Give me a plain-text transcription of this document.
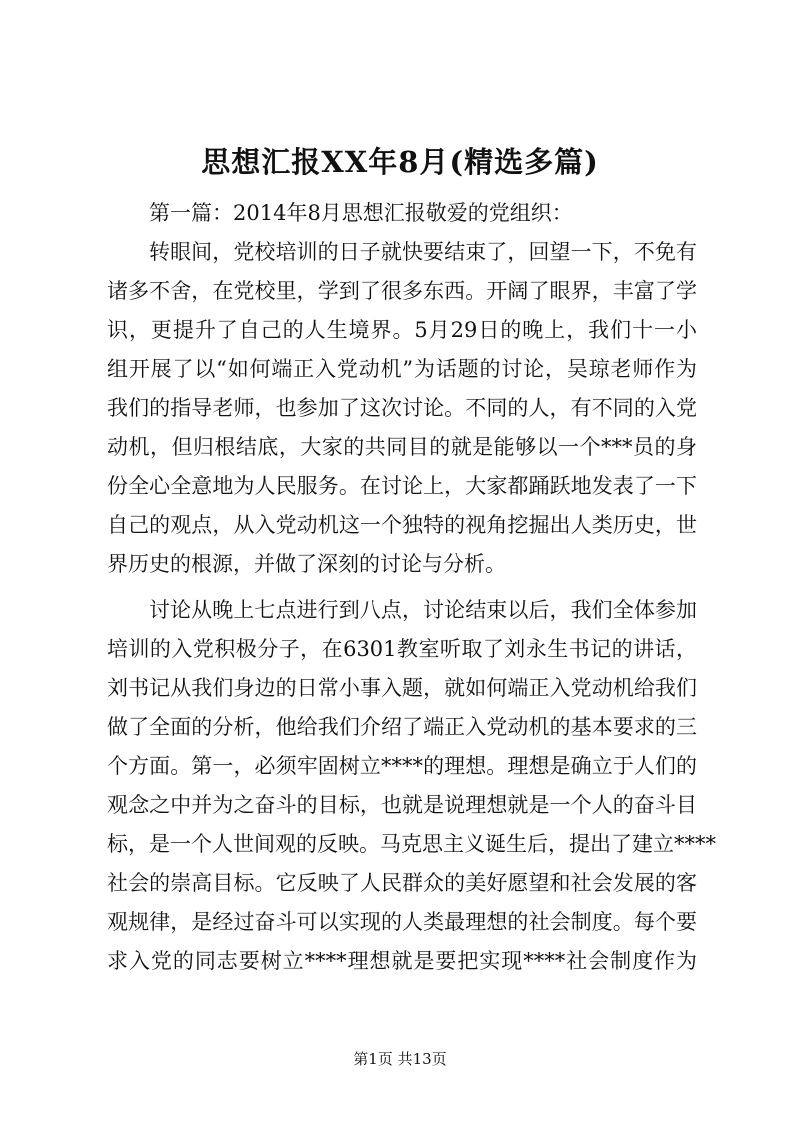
思想汇报XX年8月(精选多篇)

第一篇：2014年8月思想汇报敬爱的党组织：

转眼间，党校培训的日子就快要结束了，回望一下，不免有

诸多不舍，在党校里，学到了很多东西。开阔了眼界，丰富了学

识，更提升了自己的人生境界。5月29日的晚上，我们十一小

组开展了以“如何端正入党动机”为话题的讨论，吴琼老师作为

我们的指导老师，也参加了这次讨论。不同的人，有不同的入党

动机，但归根结底，大家的共同目的就是能够以一个***员的身

份全心全意地为人民服务。在讨论上，大家都踊跃地发表了一下

自己的观点，从入党动机这一个独特的视角挖掘出人类历史，世

界历史的根源，并做了深刻的讨论与分析。

讨论从晚上七点进行到八点，讨论结束以后，我们全体参加

培训的入党积极分子，在6301教室听取了刘永生书记的讲话，

刘书记从我们身边的日常小事入题，就如何端正入党动机给我们

做了全面的分析，他给我们介绍了端正入党动机的基本要求的三

个方面。第一，必须牢固树立****的理想。理想是确立于人们的

观念之中并为之奋斗的目标，也就是说理想就是一个人的奋斗目

标，是一个人世间观的反映。马克思主义诞生后，提出了建立****

社会的崇高目标。它反映了人民群众的美好愿望和社会发展的客

观规律，是经过奋斗可以实现的人类最理想的社会制度。每个要

求入党的同志要树立****理想就是要把实现****社会制度作为

第1页 共13页
